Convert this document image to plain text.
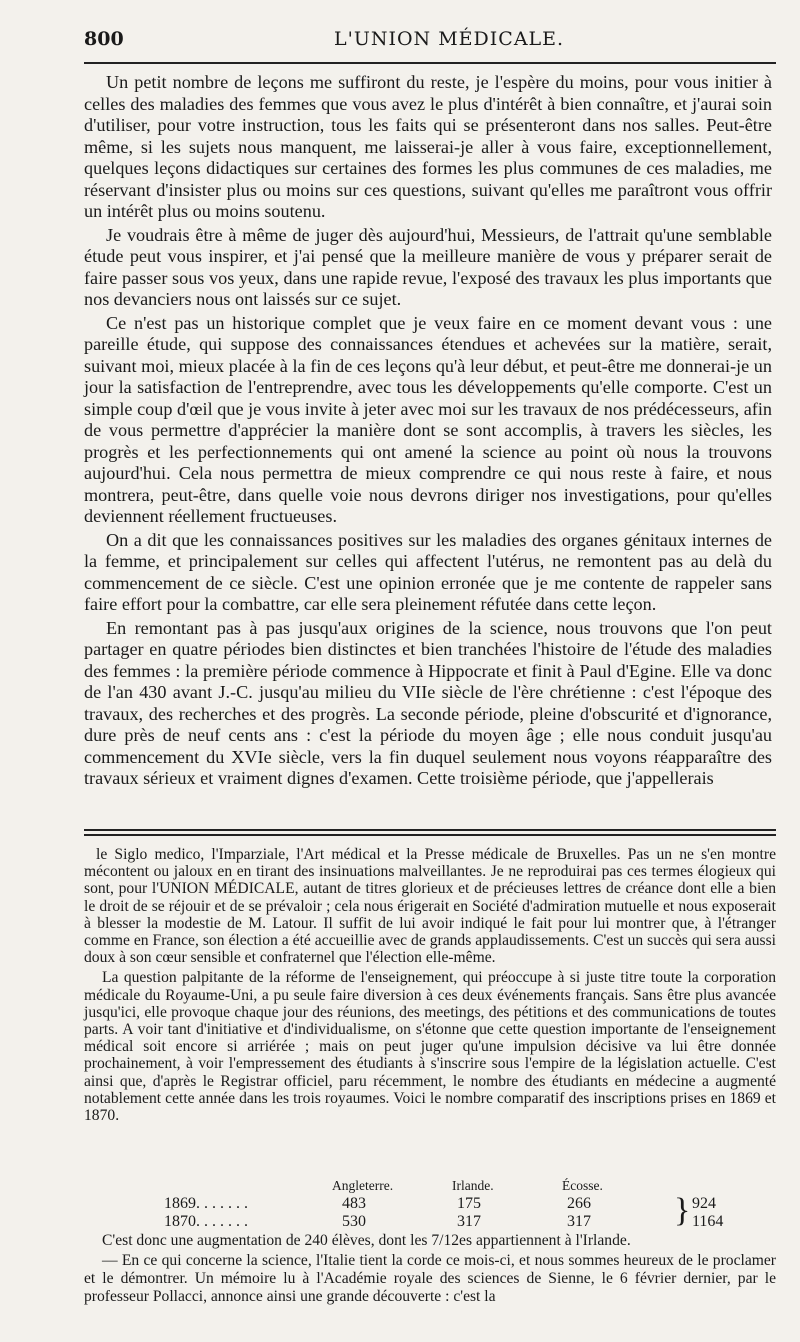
800	L'UNION MÉDICALE.

Un petit nombre de leçons me suffiront du reste, je l'espère du moins, pour vous initier à celles des maladies des femmes que vous avez le plus d'intérêt à bien connaître, et j'aurai soin d'utiliser, pour votre instruction, tous les faits qui se présenteront dans nos salles. Peut-être même, si les sujets nous manquent, me laisserai-je aller à vous faire, exceptionnellement, quelques leçons didactiques sur certaines des formes les plus communes de ces maladies, me réservant d'insister plus ou moins sur ces questions, suivant qu'elles me paraîtront vous offrir un intérêt plus ou moins soutenu.

Je voudrais être à même de juger dès aujourd'hui, Messieurs, de l'attrait qu'une semblable étude peut vous inspirer, et j'ai pensé que la meilleure manière de vous y préparer serait de faire passer sous vos yeux, dans une rapide revue, l'exposé des travaux les plus importants que nos devanciers nous ont laissés sur ce sujet.

Ce n'est pas un historique complet que je veux faire en ce moment devant vous : une pareille étude, qui suppose des connaissances étendues et achevées sur la matière, serait, suivant moi, mieux placée à la fin de ces leçons qu'à leur début, et peut-être me donnerai-je un jour la satisfaction de l'entreprendre, avec tous les développements qu'elle comporte. C'est un simple coup d'œil que je vous invite à jeter avec moi sur les travaux de nos prédécesseurs, afin de vous permettre d'apprécier la manière dont se sont accomplis, à travers les siècles, les progrès et les perfectionnements qui ont amené la science au point où nous la trouvons aujourd'hui. Cela nous permettra de mieux comprendre ce qui nous reste à faire, et nous montrera, peut-être, dans quelle voie nous devrons diriger nos investigations, pour qu'elles deviennent réellement fructueuses.

On a dit que les connaissances positives sur les maladies des organes génitaux internes de la femme, et principalement sur celles qui affectent l'utérus, ne remontent pas au delà du commencement de ce siècle. C'est une opinion erronée que je me contente de rappeler sans faire effort pour la combattre, car elle sera pleinement réfutée dans cette leçon.

En remontant pas à pas jusqu'aux origines de la science, nous trouvons que l'on peut partager en quatre périodes bien distinctes et bien tranchées l'histoire de l'étude des maladies des femmes : la première période commence à Hippocrate et finit à Paul d'Egine. Elle va donc de l'an 430 avant J.-C. jusqu'au milieu du VIIe siècle de l'ère chrétienne : c'est l'époque des travaux, des recherches et des progrès. La seconde période, pleine d'obscurité et d'ignorance, dure près de neuf cents ans : c'est la période du moyen âge ; elle nous conduit jusqu'au commencement du XVIe siècle, vers la fin duquel seulement nous voyons réapparaître des travaux sérieux et vraiment dignes d'examen. Cette troisième période, que j'appellerais

le Siglo medico, l'Imparziale, l'Art médical et la Presse médicale de Bruxelles. Pas un ne s'en montre mécontent ou jaloux en en tirant des insinuations malveillantes. Je ne reproduirai pas ces termes élogieux qui sont, pour l'UNION MÉDICALE, autant de titres glorieux et de précieuses lettres de créance dont elle a bien le droit de se réjouir et de se prévaloir ; cela nous érigerait en Société d'admiration mutuelle et nous exposerait à blesser la modestie de M. Latour. Il suffit de lui avoir indiqué le fait pour lui montrer que, à l'étranger comme en France, son élection a été accueillie avec de grands applaudissements. C'est un succès qui sera aussi doux à son cœur sensible et confraternel que l'élection elle-même.

La question palpitante de la réforme de l'enseignement, qui préoccupe à si juste titre toute la corporation médicale du Royaume-Uni, a pu seule faire diversion à ces deux événements français. Sans être plus avancée jusqu'ici, elle provoque chaque jour des réunions, des meetings, des pétitions et des communications de toutes parts. A voir tant d'initiative et d'individualisme, on s'étonne que cette question importante de l'enseignement médical soit encore si arriérée ; mais on peut juger qu'une impulsion décisive va lui être donnée prochainement, à voir l'empressement des étudiants à s'inscrire sous l'empire de la législation actuelle. C'est ainsi que, d'après le Registrar officiel, paru récemment, le nombre des étudiants en médecine a augmenté notablement cette année dans les trois royaumes. Voici le nombre comparatif des inscriptions prises en 1869 et 1870.

Angleterre.	Irlande.	Écosse.
1869. . . . . . .	483	175	266	924
1870. . . . . . .	530	317	317	1164
}

C'est donc une augmentation de 240 élèves, dont les 7/12es appartiennent à l'Irlande.

— En ce qui concerne la science, l'Italie tient la corde ce mois-ci, et nous sommes heureux de le proclamer et le démontrer. Un mémoire lu à l'Académie royale des sciences de Sienne, le 6 février dernier, par le professeur Pollacci, annonce ainsi une grande découverte : c'est la
